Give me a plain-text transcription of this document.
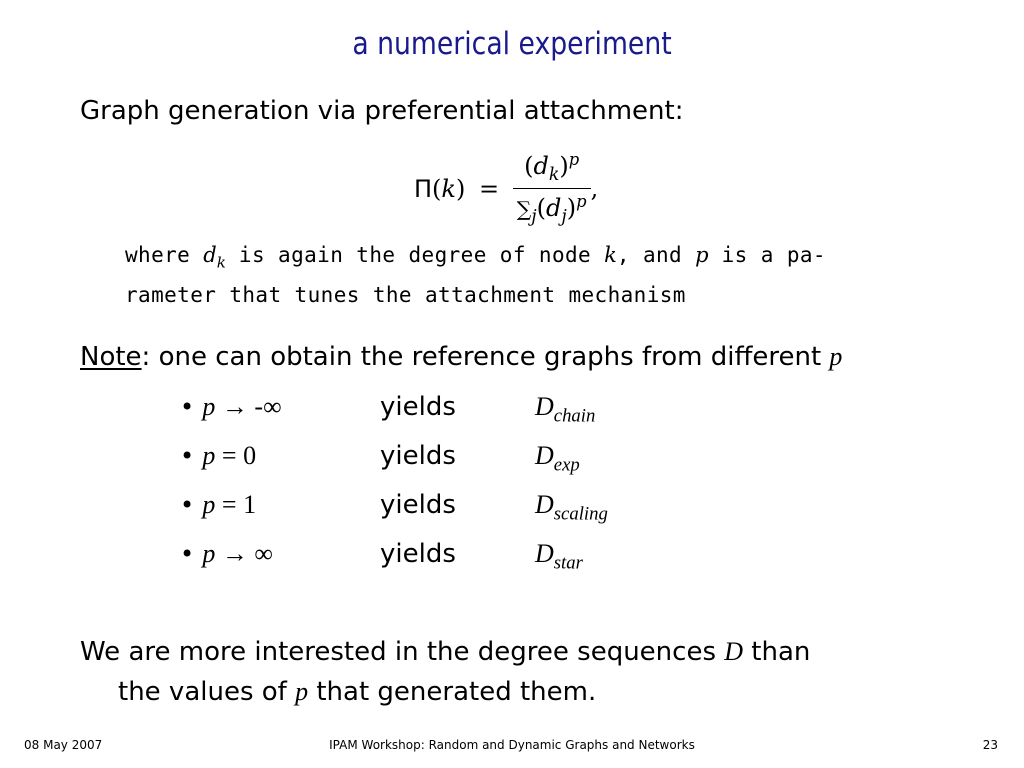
a numerical experiment
Graph generation via preferential attachment:
$\Pi(k) = \frac{(d_k)^p}{\sum_j(d_j)^p}$ ,
where $d_k$ is again the degree of node k, and p is a pa-
rameter that tunes the attachment mechanism
Note: one can obtain the reference graphs from different p
• p → -∞	yields	$D_{chain}$
• p = 0	yields	$D_{exp}$
• p = 1	yields	$D_{scaling}$
• p → ∞	yields	$D_{star}$
We are more interested in the degree sequences D than
the values of p that generated them.
08 May 2007	IPAM Workshop: Random and Dynamic Graphs and Networks	23
